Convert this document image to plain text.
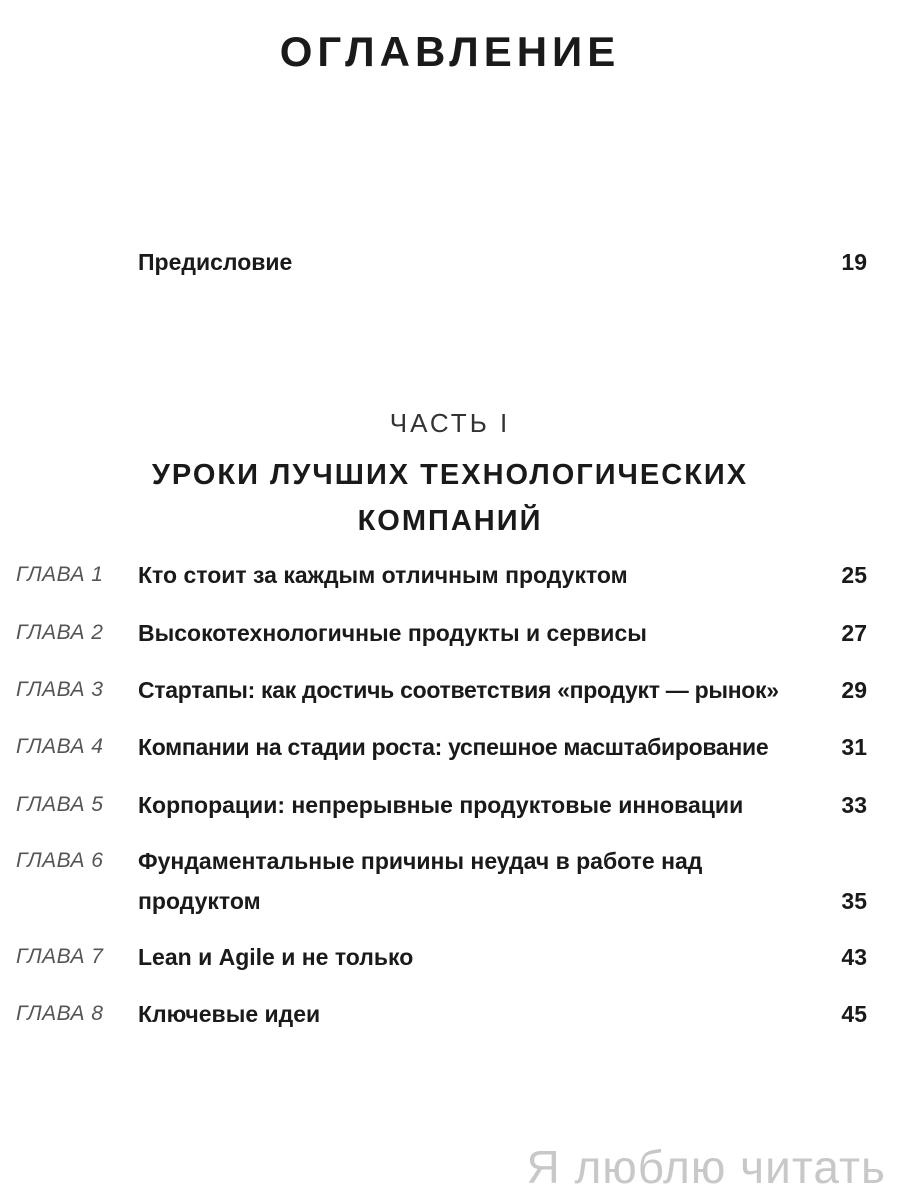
ОГЛАВЛЕНИЕ
Предисловие	19
ЧАСТЬ I
УРОКИ ЛУЧШИХ ТЕХНОЛОГИЧЕСКИХ
КОМПАНИЙ
ГЛАВА 1 Кто стоит за каждым отличным продуктом	25
ГЛАВА 2 Высокотехнологичные продукты и сервисы	27
ГЛАВА 3 Стартапы: как достичь соответствия «продукт — рынок»	29
ГЛАВА 4 Компании на стадии роста: успешное масштабирование	31
ГЛАВА 5 Корпорации: непрерывные продуктовые инновации	33
ГЛАВА 6 Фундаментальные причины неудач в работе над
продуктом	35
ГЛАВА 7 Lean и Agile и не только	43
ГЛАВА 8 Ключевые идеи	45
Я люблю читать
